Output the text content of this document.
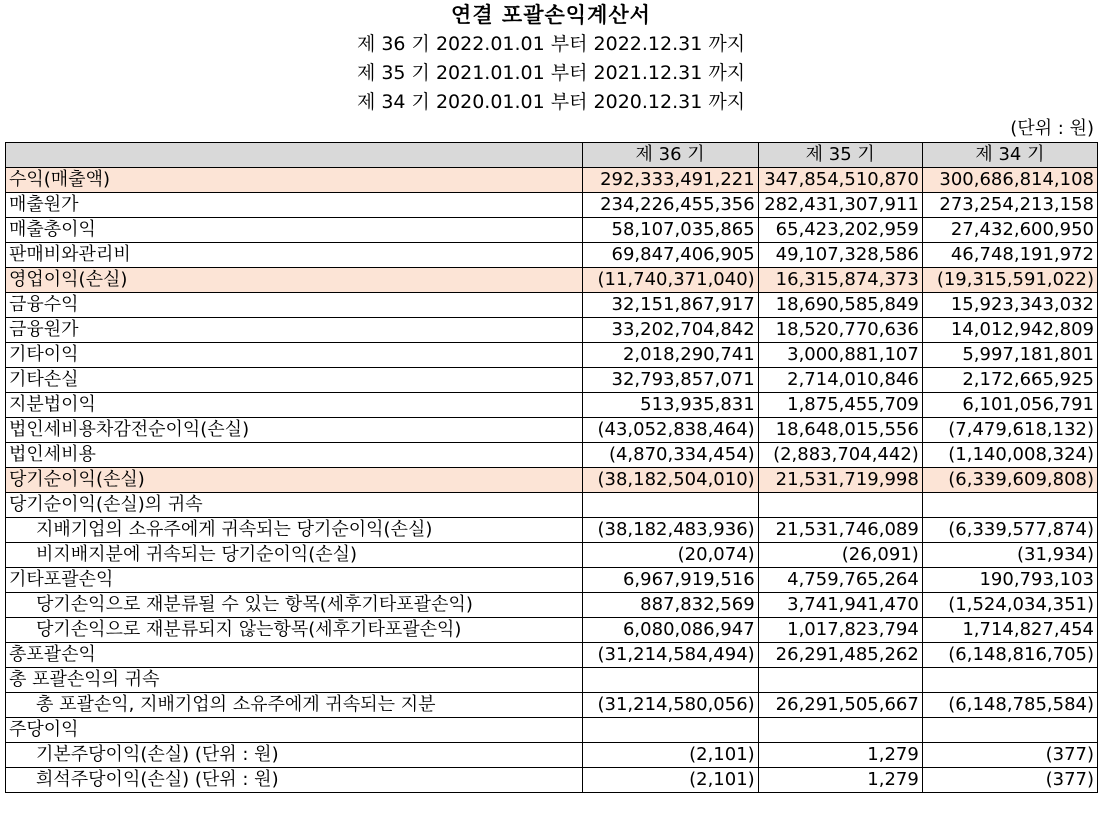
연결 포괄손익계산서
제 36 기 2022.01.01 부터 2022.12.31 까지
제 35 기 2021.01.01 부터 2021.12.31 까지
제 34 기 2020.01.01 부터 2020.12.31 까지
(단위 : 원)
	제 36 기	제 35 기	제 34 기
수익(매출액)	292,333,491,221	347,854,510,870	300,686,814,108
매출원가	234,226,455,356	282,431,307,911	273,254,213,158
매출총이익	58,107,035,865	65,423,202,959	27,432,600,950
판매비와관리비	69,847,406,905	49,107,328,586	46,748,191,972
영업이익(손실)	(11,740,371,040)	16,315,874,373	(19,315,591,022)
금융수익	32,151,867,917	18,690,585,849	15,923,343,032
금융원가	33,202,704,842	18,520,770,636	14,012,942,809
기타이익	2,018,290,741	3,000,881,107	5,997,181,801
기타손실	32,793,857,071	2,714,010,846	2,172,665,925
지분법이익	513,935,831	1,875,455,709	6,101,056,791
법인세비용차감전순이익(손실)	(43,052,838,464)	18,648,015,556	(7,479,618,132)
법인세비용	(4,870,334,454)	(2,883,704,442)	(1,140,008,324)
당기순이익(손실)	(38,182,504,010)	21,531,719,998	(6,339,609,808)
당기순이익(손실)의 귀속			
지배기업의 소유주에게 귀속되는 당기순이익(손실)	(38,182,483,936)	21,531,746,089	(6,339,577,874)
비지배지분에 귀속되는 당기순이익(손실)	(20,074)	(26,091)	(31,934)
기타포괄손익	6,967,919,516	4,759,765,264	190,793,103
당기손익으로 재분류될 수 있는 항목(세후기타포괄손익)	887,832,569	3,741,941,470	(1,524,034,351)
당기손익으로 재분류되지 않는항목(세후기타포괄손익)	6,080,086,947	1,017,823,794	1,714,827,454
총포괄손익	(31,214,584,494)	26,291,485,262	(6,148,816,705)
총 포괄손익의 귀속			
총 포괄손익, 지배기업의 소유주에게 귀속되는 지분	(31,214,580,056)	26,291,505,667	(6,148,785,584)
주당이익			
기본주당이익(손실) (단위 : 원)	(2,101)	1,279	(377)
희석주당이익(손실) (단위 : 원)	(2,101)	1,279	(377)
